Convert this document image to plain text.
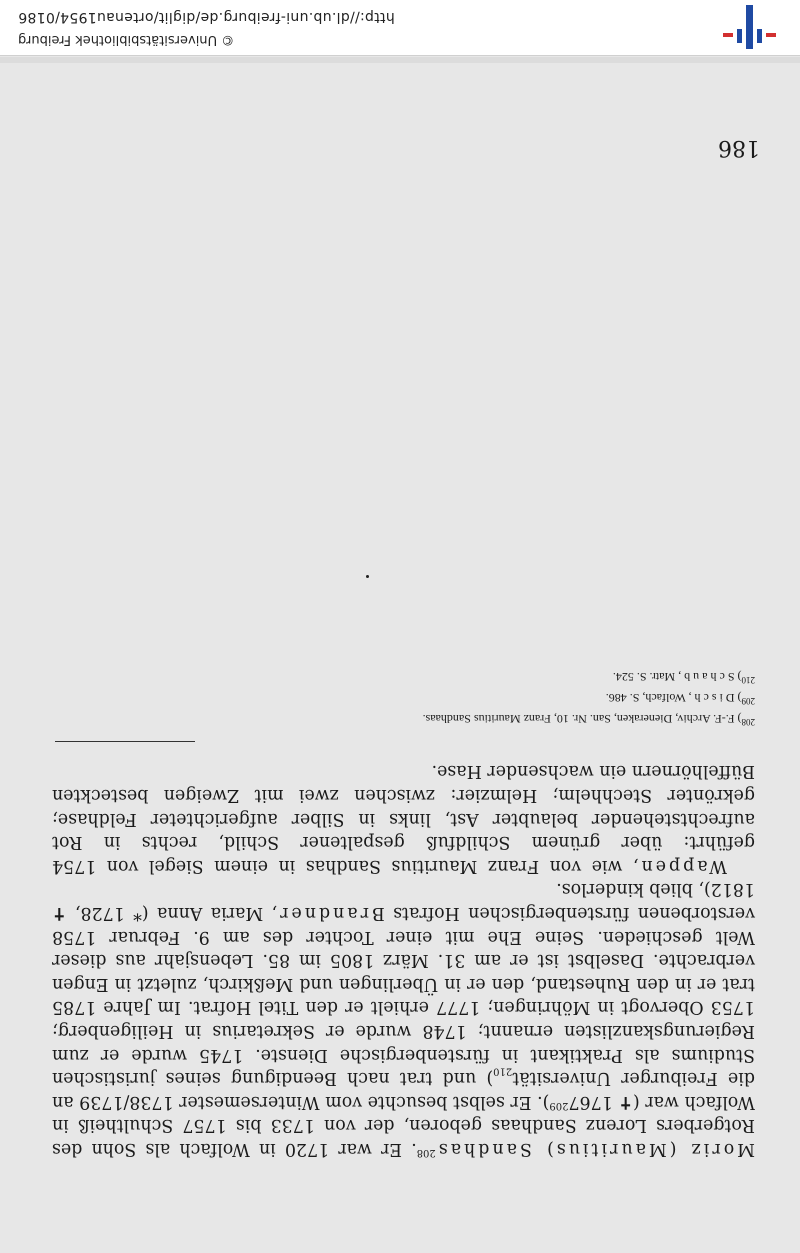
186

Moriz (Mauritius) Sandhas$^{208}$. Er war 1720 in Wolfach als Sohn des Rotgerbers Lorenz Sandhaas geboren, der von 1733 bis 1757 Schultheiß in Wolfach war (✝ 1767$^{209}$). Er selbst besuchte vom Wintersemester 1738/1739 an die Freiburger Universität$_{210}$) und trat nach Beendigung seines juristischen Studiums als Praktikant in fürstenbergische Dienste. 1745 wurde er zum Regierungskanzlisten ernannt; 1748 wurde er Sekretarius in Heiligenberg; 1753 Obervogt in Möhringen; 1777 erhielt er den Titel Hofrat. Im Jahre 1785 trat er in den Ruhestand, den er in Überlingen und Meßkirch, zuletzt in Engen verbrachte. Daselbst ist er am 31. März 1805 im 85. Lebensjahr aus dieser Welt geschieden. Seine Ehe mit einer Tochter des am 9. Februar 1758 verstorbenen fürstenbergischen Hofrats Brandner, Maria Anna (* 1728, ✝ 1812), blieb kinderlos.

Wappen, wie von Franz Mauritius Sandhas in einem Siegel von 1754 geführt: über grünem Schildfuß gespaltener Schild, rechts in Rot aufrechtstehender belaubter Ast, links in Silber aufgerichteter Feldhase; gekrönter Stechhelm; Helmzier: zwischen zwei mit Zweigen besteckten Büffelhörnern ein wachsender Hase.

$^{208}$) F.-F. Archiv, Dieneraken, San. Nr. 10, Franz Mauritius Sandhaas.
$^{209}$) D i s c h , Wolfach, S. 486.
$^{210}$) S c h a u b , Matr. S. 524.
© Universitätsbibliothek Freiburg
http://dl.ub.uni-freiburg.de/diglit/ortenau1954/0186
